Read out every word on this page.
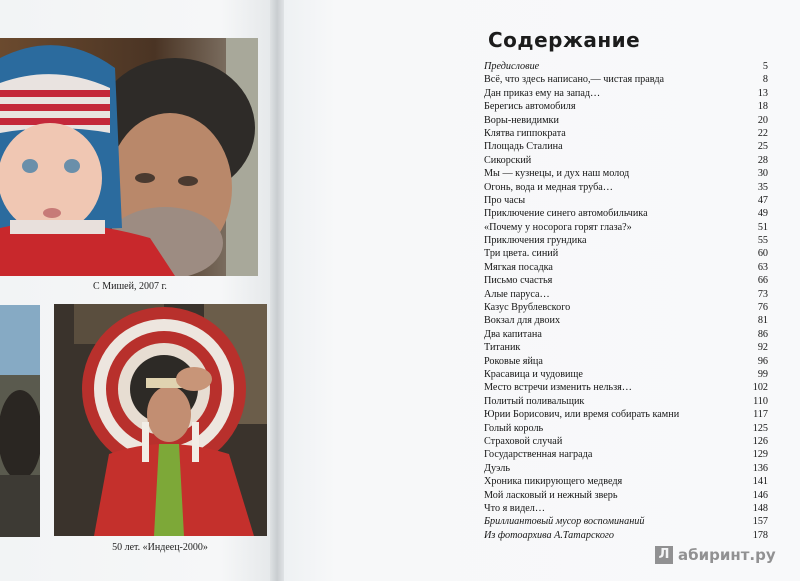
С Мишей, 2007 г.
50 лет. «Индеец-2000»
Содержание
Предисловие	5
Всё, что здесь написано,— чистая правда	8
Дан приказ ему на запад…	13
Берегись автомобиля	18
Воры-невидимки	20
Клятва гиппократа	22
Площадь Сталина	25
Сикорский	28
Мы — кузнецы, и дух наш молод	30
Огонь, вода и медная труба…	35
Про часы	47
Приключение синего автомобильчика	49
«Почему у носорога горят глаза?»	51
Приключения грундика	55
Три цвета. синий	60
Мягкая посадка	63
Письмо счастья	66
Алые паруса…	73
Казус Врублевского	76
Вокзал для двоих	81
Два капитана	86
Титаник	92
Роковые яйца	96
Красавица и чудовище	99
Место встречи изменить нельзя…	102
Политый поливальщик	110
Юрии Борисович, или время собирать камни	117
Голый король	125
Страховой случай	126
Государственная награда	129
Дуэль	136
Хроника пикирующего медведя	141
Мой ласковый и нежный зверь	146
Что я видел…	148
Бриллиантовый мусор воспоминаний	157
Из фотоархива А.Татарского	178
Л абиринт.ру
